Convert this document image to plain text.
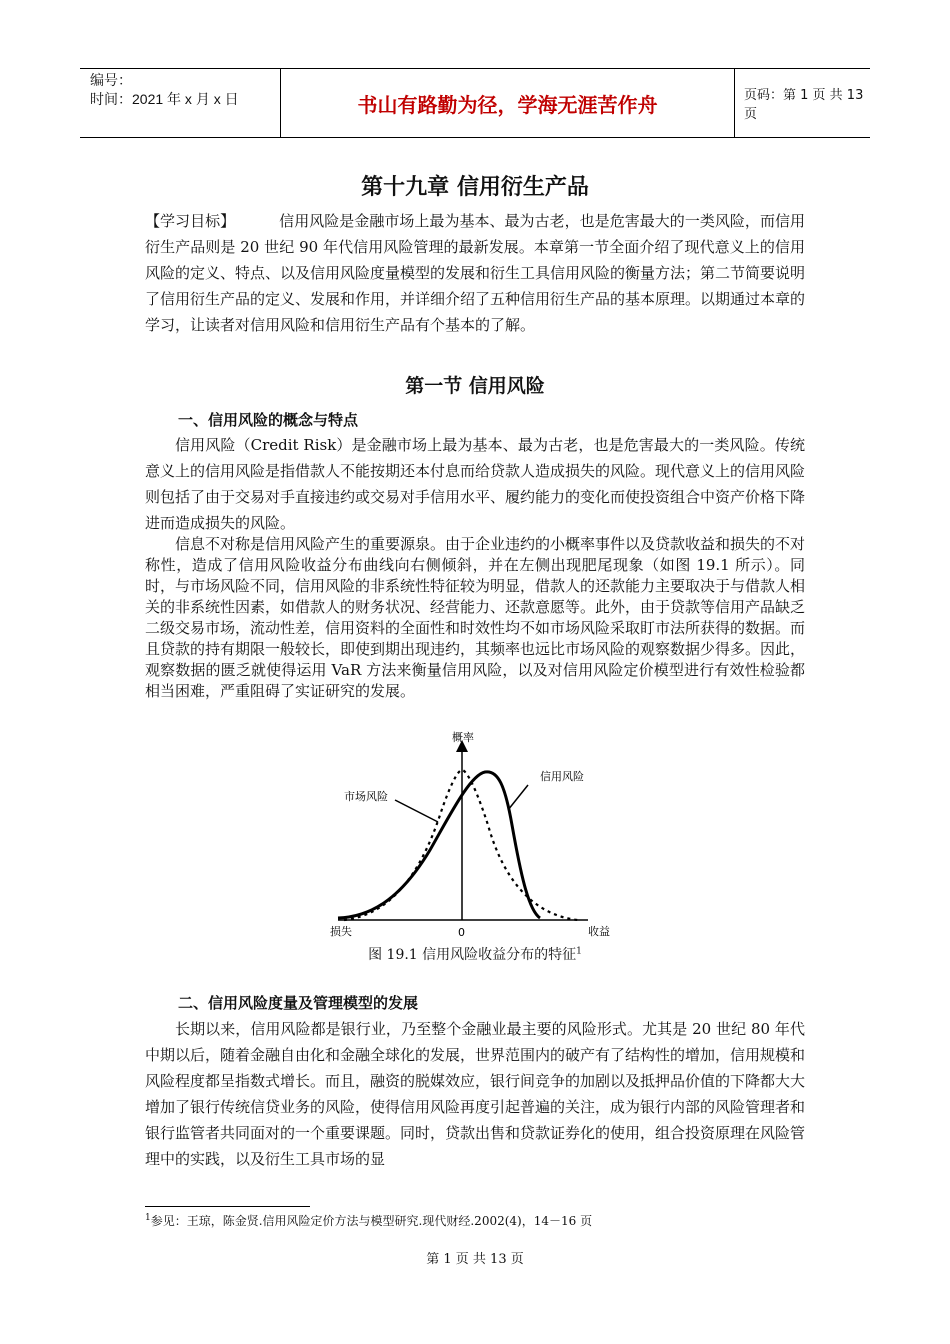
编号：
时间：2021 年 x 月 x 日	书山有路勤为径，学海无涯苦作舟	页码：第 1 页 共 13 页
第十九章 信用衍生产品
【学习目标】	信用风险是金融市场上最为基本、最为古老，也是危害最大的一类风险，而信用衍生产品则是 20 世纪 90 年代信用风险管理的最新发展。本章第一节全面介绍了现代意义上的信用风险的定义、特点、以及信用风险度量模型的发展和衍生工具信用风险的衡量方法；第二节简要说明了信用衍生产品的定义、发展和作用，并详细介绍了五种信用衍生产品的基本原理。以期通过本章的学习，让读者对信用风险和信用衍生产品有个基本的了解。
第一节 信用风险
一、信用风险的概念与特点
信用风险（Credit Risk）是金融市场上最为基本、最为古老，也是危害最大的一类风险。传统意义上的信用风险是指借款人不能按期还本付息而给贷款人造成损失的风险。现代意义上的信用风险则包括了由于交易对手直接违约或交易对手信用水平、履约能力的变化而使投资组合中资产价格下降进而造成损失的风险。
信息不对称是信用风险产生的重要源泉。由于企业违约的小概率事件以及贷款收益和损失的不对称性，造成了信用风险收益分布曲线向右侧倾斜，并在左侧出现肥尾现象（如图 19.1 所示）。同时，与市场风险不同，信用风险的非系统性特征较为明显，借款人的还款能力主要取决于与借款人相关的非系统性因素，如借款人的财务状况、经营能力、还款意愿等。此外，由于贷款等信用产品缺乏二级交易市场，流动性差，信用资料的全面性和时效性均不如市场风险采取盯市法所获得的数据。而且贷款的持有期限一般较长，即使到期出现违约，其频率也远比市场风险的观察数据少得多。因此，观察数据的匮乏就使得运用 VaR 方法来衡量信用风险，以及对信用风险定价模型进行有效性检验都相当困难，严重阻碍了实证研究的发展。
概率
信用风险
市场风险
损失	收益
0
图 19.1 信用风险收益分布的特征$^1$
二、信用风险度量及管理模型的发展
长期以来，信用风险都是银行业，乃至整个金融业最主要的风险形式。尤其是 20 世纪 80 年代中期以后，随着金融自由化和金融全球化的发展，世界范围内的破产有了结构性的增加，信用规模和风险程度都呈指数式增长。而且，融资的脱媒效应，银行间竞争的加剧以及抵押品价值的下降都大大增加了银行传统信贷业务的风险，使得信用风险再度引起普遍的关注，成为银行内部的风险管理者和银行监管者共同面对的一个重要课题。同时，贷款出售和贷款证券化的使用，组合投资原理在风险管理中的实践，以及衍生工具市场的显
$^1$参见：王琼，陈金贤.信用风险定价方法与模型研究.现代财经.2002(4)，14－16 页
第 1 页 共 13 页
